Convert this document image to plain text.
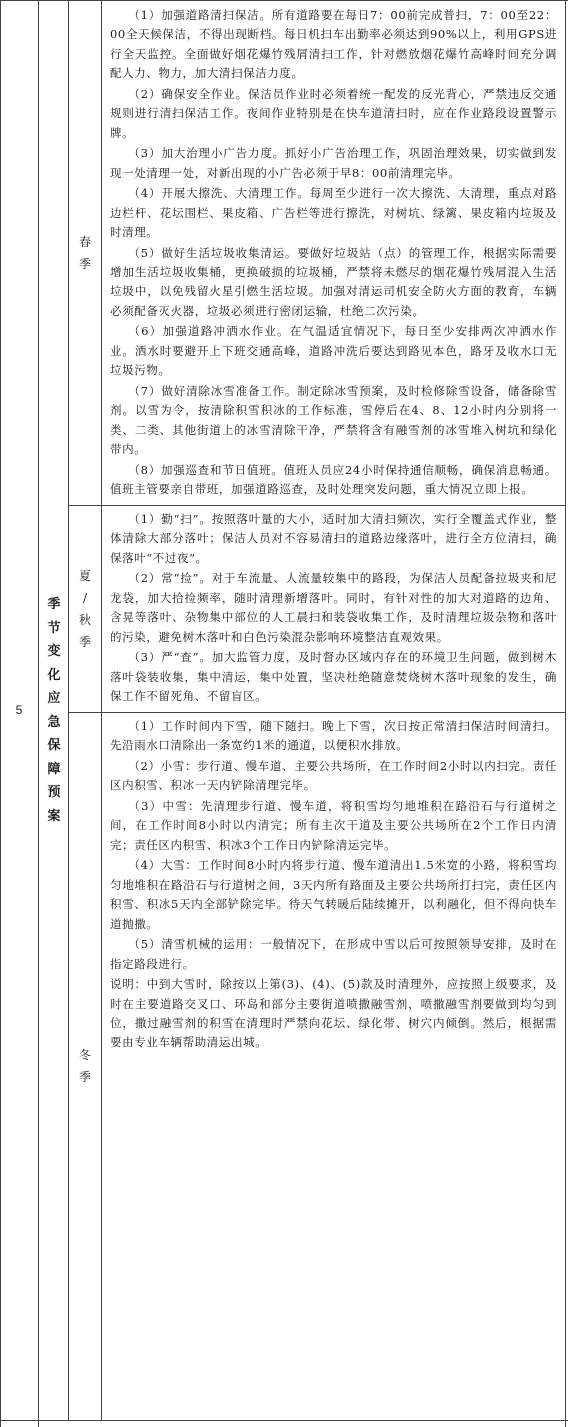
5
季
节
变
化
应
急
保
障
预
案
春
季
夏
/
秋
季
冬
季

（1）加强道路清扫保洁。所有道路要在每日7：00前完成普扫，7：00至22：00全天候保洁，不得出现断档。每日机扫车出勤率必须达到90%以上，利用GPS进行全天监控。全面做好烟花爆竹残屑清扫工作，针对燃放烟花爆竹高峰时间充分调配人力、物力，加大清扫保洁力度。

（2）确保安全作业。保洁员作业时必须着统一配发的反光背心，严禁违反交通规则进行清扫保洁工作。夜间作业特别是在快车道清扫时，应在作业路段设置警示牌。

（3）加大治理小广告力度。抓好小广告治理工作，巩固治理效果，切实做到发现一处清理一处，对新出现的小广告必须于早8：00前清理完毕。

（4）开展大擦洗、大清理工作。每周至少进行一次大擦洗、大清理，重点对路边栏杆、花坛围栏、果皮箱、广告栏等进行擦洗，对树坑、绿篱、果皮箱内垃圾及时清理。

（5）做好生活垃圾收集清运。要做好垃圾站（点）的管理工作，根据实际需要增加生活垃圾收集桶，更换破损的垃圾桶，严禁将未燃尽的烟花爆竹残屑混入生活垃圾中，以免残留火星引燃生活垃圾。加强对清运司机安全防火方面的教育，车辆必须配备灭火器，垃圾必须进行密闭运输，杜绝二次污染。

（6）加强道路冲洒水作业。在气温适宜情况下，每日至少安排两次冲洒水作业。洒水时要避开上下班交通高峰，道路冲洗后要达到路见本色，路牙及收水口无垃圾污物。

（7）做好清除冰雪准备工作。制定除冰雪预案，及时检修除雪设备，储备除雪剂。以雪为令，按清除积雪积冰的工作标准，雪停后在4、8、12小时内分别将一类、二类、其他街道上的冰雪清除干净，严禁将含有融雪剂的冰雪堆入树坑和绿化带内。

（8）加强巡查和节日值班。值班人员应24小时保持通信顺畅，确保消息畅通。值班主管要亲自带班，加强道路巡查，及时处理突发问题，重大情况立即上报。

（1）勤“扫”。按照落叶量的大小，适时加大清扫频次，实行全覆盖式作业，整体清除大部分落叶；保洁人员对不容易清扫的道路边缘落叶，进行全方位清扫，确保落叶“不过夜”。

（2）常“捡”。对于车流量、人流量较集中的路段，为保洁人员配备拉圾夹和尼龙袋，加大拾捡频率，随时清理新增落叶。同时，有针对性的加大对道路的边角、含晃等落叶、杂物集中部位的人工晨扫和装袋收集工作，及时清理垃圾杂物和落叶的污染，避免树木落叶和白色污染混杂影响环境整洁直观效果。

（3）严“查”。加大监管力度，及时督办区域内存在的环境卫生问题，做到树木落叶袋装收集，集中清运，集中处置，坚决杜绝随意焚烧树木落叶现象的发生，确保工作不留死角、不留盲区。

（1）工作时间内下雪，随下随扫。晚上下雪，次日按正常清扫保洁时间清扫。先沿雨水口清除出一条宽约1米的通道，以便积水排放。

（2）小雪：步行道、慢车道、主要公共场所，在工作时间2小时以内扫完。责任区内积雪、积冰一天内铲除清理完毕。

（3）中雪：先清理步行道、慢车道，将积雪均匀地堆积在路沿石与行道树之间，在工作时间8小时以内清完；所有主次干道及主要公共场所在2个工作日内清完；责任区内积雪、积冰3个工作日内铲除清运完毕。

（4）大雪：工作时间8小时内将步行道、慢车道清出1.5米宽的小路，将积雪均匀地堆积在路沿石与行道树之间，3天内所有路面及主要公共场所打扫完，责任区内积雪、积冰5天内全部铲除完毕。待天气转暖后陆续摊开，以利融化，但不得向快车道抛撒。

（5）清雪机械的运用：一般情况下，在形成中雪以后可按照领导安排，及时在指定路段进行。

说明：中到大雪时，除按以上第(3)、(4)、(5)款及时清理外，应按照上级要求，及时在主要道路交叉口、环岛和部分主要街道喷撒融雪剂，喷撒融雪剂要做到均匀到位，撒过融雪剂的积雪在清理时严禁向花坛、绿化带、树穴内倾倒。然后，根据需要由专业车辆帮助清运出城。
